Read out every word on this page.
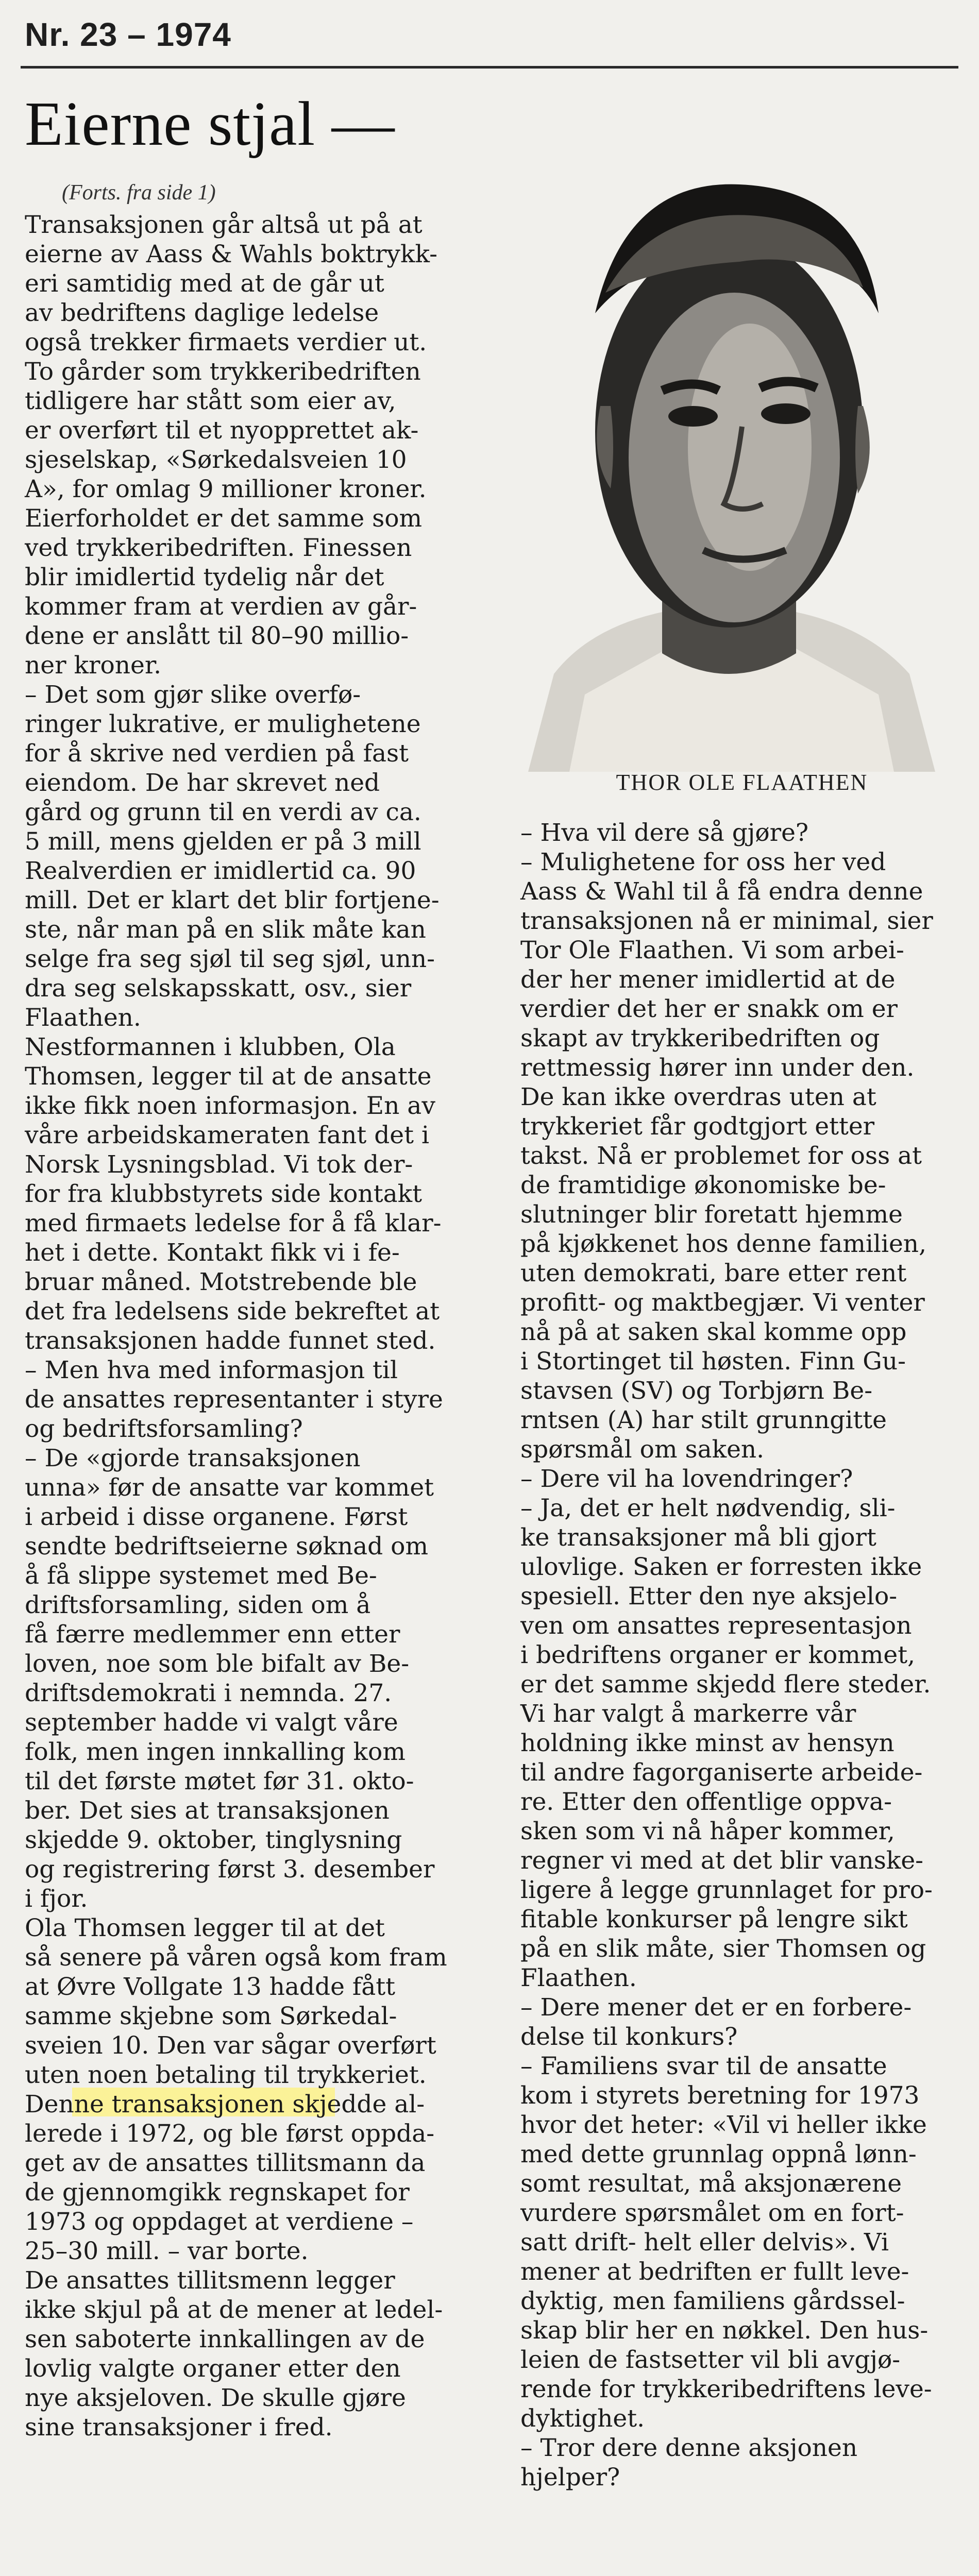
Nr. 23 – 1974
Eierne stjal —
(Forts. fra side 1)
Transaksjonen går altså ut på at
eierne av Aass & Wahls boktrykk-
eri samtidig med at de går ut
av bedriftens daglige ledelse
også trekker firmaets verdier ut.
To gårder som trykkeribedriften
tidligere har stått som eier av,
er overført til et nyopprettet ak-
sjeselskap, «Sørkedalsveien 10
A», for omlag 9 millioner kroner.
Eierforholdet er det samme som
ved trykkeribedriften. Finessen
blir imidlertid tydelig når det
kommer fram at verdien av går-
dene er anslått til 80–90 millio-
ner kroner.
– Det som gjør slike overfø-
ringer lukrative, er mulighetene
for å skrive ned verdien på fast
eiendom. De har skrevet ned
gård og grunn til en verdi av ca.
5 mill, mens gjelden er på 3 mill
Realverdien er imidlertid ca. 90
mill. Det er klart det blir fortjene-
ste, når man på en slik måte kan
selge fra seg sjøl til seg sjøl, unn-
dra seg selskapsskatt, osv., sier
Flaathen.
Nestformannen i klubben, Ola
Thomsen, legger til at de ansatte
ikke fikk noen informasjon. En av
våre arbeidskameraten fant det i
Norsk Lysningsblad. Vi tok der-
for fra klubbstyrets side kontakt
med firmaets ledelse for å få klar-
het i dette. Kontakt fikk vi i fe-
bruar måned. Motstrebende ble
det fra ledelsens side bekreftet at
transaksjonen hadde funnet sted.
– Men hva med informasjon til
de ansattes representanter i styre
og bedriftsforsamling?
– De «gjorde transaksjonen
unna» før de ansatte var kommet
i arbeid i disse organene. Først
sendte bedriftseierne søknad om
å få slippe systemet med Be-
driftsforsamling, siden om å
få færre medlemmer enn etter
loven, noe som ble bifalt av Be-
driftsdemokrati i nemnda. 27.
september hadde vi valgt våre
folk, men ingen innkalling kom
til det første møtet før 31. okto-
ber. Det sies at transaksjonen
skjedde 9. oktober, tinglysning
og registrering først 3. desember
i fjor.
Ola Thomsen legger til at det
så senere på våren også kom fram
at Øvre Vollgate 13 hadde fått
samme skjebne som Sørkedal-
sveien 10. Den var sågar overført
uten noen betaling til trykkeriet.
Denne transaksjonen skjedde al-
lerede i 1972, og ble først oppda-
get av de ansattes tillitsmann da
de gjennomgikk regnskapet for
1973 og oppdaget at verdiene –
25–30 mill. – var borte.
De ansattes tillitsmenn legger
ikke skjul på at de mener at ledel-
sen saboterte innkallingen av de
lovlig valgte organer etter den
nye aksjeloven. De skulle gjøre
sine transaksjoner i fred.
THOR OLE FLAATHEN
– Hva vil dere så gjøre?
– Mulighetene for oss her ved
Aass & Wahl til å få endra denne
transaksjonen nå er minimal, sier
Tor Ole Flaathen. Vi som arbei-
der her mener imidlertid at de
verdier det her er snakk om er
skapt av trykkeribedriften og
rettmessig hører inn under den.
De kan ikke overdras uten at
trykkeriet får godtgjort etter
takst. Nå er problemet for oss at
de framtidige økonomiske be-
slutninger blir foretatt hjemme
på kjøkkenet hos denne familien,
uten demokrati, bare etter rent
profitt- og maktbegjær. Vi venter
nå på at saken skal komme opp
i Stortinget til høsten. Finn Gu-
stavsen (SV) og Torbjørn Be-
rntsen (A) har stilt grunngitte
spørsmål om saken.
– Dere vil ha lovendringer?
– Ja, det er helt nødvendig, sli-
ke transaksjoner må bli gjort
ulovlige. Saken er forresten ikke
spesiell. Etter den nye aksjelo-
ven om ansattes representasjon
i bedriftens organer er kommet,
er det samme skjedd flere steder.
Vi har valgt å markerre vår
holdning ikke minst av hensyn
til andre fagorganiserte arbeide-
re. Etter den offentlige oppva-
sken som vi nå håper kommer,
regner vi med at det blir vanske-
ligere å legge grunnlaget for pro-
fitable konkurser på lengre sikt
på en slik måte, sier Thomsen og
Flaathen.
– Dere mener det er en forbere-
delse til konkurs?
– Familiens svar til de ansatte
kom i styrets beretning for 1973
hvor det heter: «Vil vi heller ikke
med dette grunnlag oppnå lønn-
somt resultat, må aksjonærene
vurdere spørsmålet om en fort-
satt drift- helt eller delvis». Vi
mener at bedriften er fullt leve-
dyktig, men familiens gårdssel-
skap blir her en nøkkel. Den hus-
leien de fastsetter vil bli avgjø-
rende for trykkeribedriftens leve-
dyktighet.
– Tror dere denne aksjonen
hjelper?
